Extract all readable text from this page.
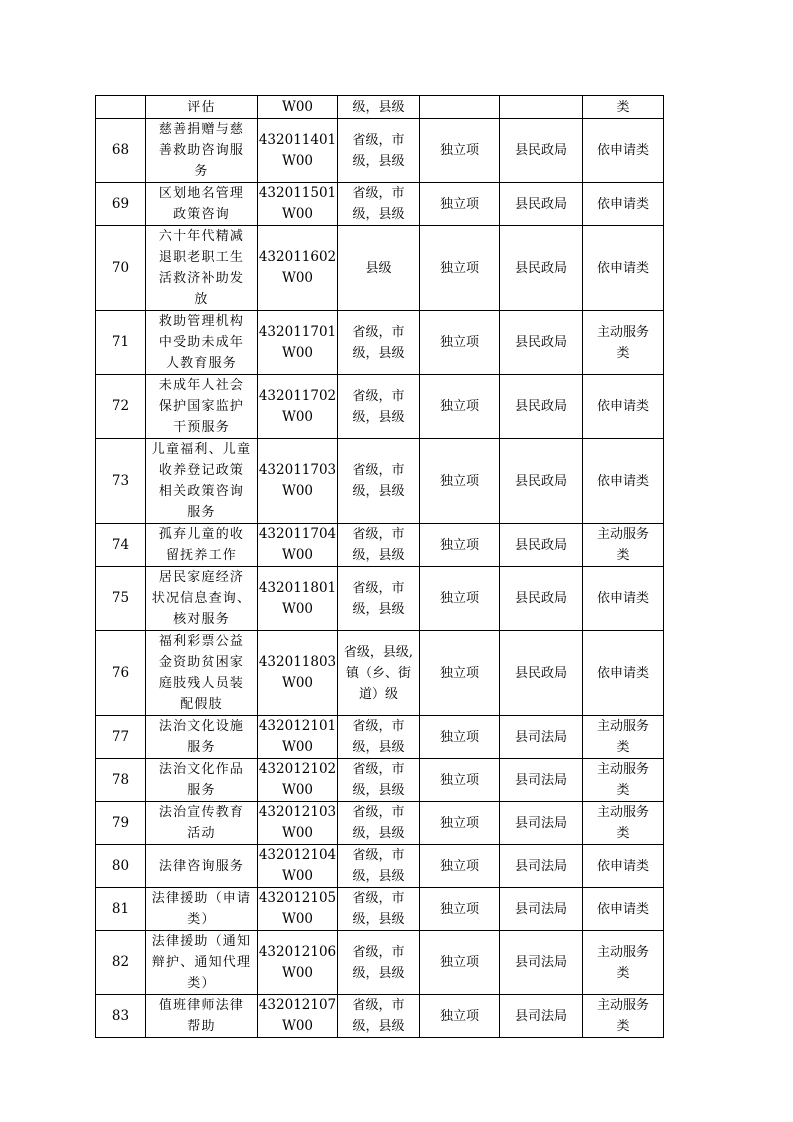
	评估	W00	级，县级			类

68	慈善捐赠与慈
善救助咨询服
务	432011401
W00	省级，市
级，县级	独立项	县民政局	依申请类

69	区划地名管理
政策咨询	432011501
W00	省级，市
级，县级	独立项	县民政局	依申请类

70	六十年代精减
退职老职工生
活救济补助发
放	432011602
W00	县级	独立项	县民政局	依申请类

71	救助管理机构
中受助未成年
人教育服务	432011701
W00	省级，市
级，县级	独立项	县民政局	主动服务
类

72	未成年人社会
保护国家监护
干预服务	432011702
W00	省级，市
级，县级	独立项	县民政局	依申请类

73	儿童福利、儿童
收养登记政策
相关政策咨询
服务	432011703
W00	省级，市
级，县级	独立项	县民政局	依申请类

74	孤弃儿童的收
留抚养工作	432011704
W00	省级，市
级，县级	独立项	县民政局	主动服务
类

75	居民家庭经济
状况信息查询、
核对服务	432011801
W00	省级，市
级，县级	独立项	县民政局	依申请类

76	福利彩票公益
金资助贫困家
庭肢残人员装
配假肢	432011803
W00	省级，县级,
镇（乡、街
道）级	独立项	县民政局	依申请类

77	法治文化设施
服务	432012101
W00	省级，市
级，县级	独立项	县司法局	主动服务
类

78	法治文化作品
服务	432012102
W00	省级，市
级，县级	独立项	县司法局	主动服务
类

79	法治宣传教育
活动	432012103
W00	省级，市
级，县级	独立项	县司法局	主动服务
类

80	法律咨询服务	432012104
W00	省级，市
级，县级	独立项	县司法局	依申请类

81	法律援助（申请
类）	432012105
W00	省级，市
级，县级	独立项	县司法局	依申请类

82	法律援助（通知
辩护、通知代理
类）	432012106
W00	省级，市
级，县级	独立项	县司法局	主动服务
类

83	值班律师法律
帮助	432012107
W00	省级，市
级，县级	独立项	县司法局	主动服务
类
